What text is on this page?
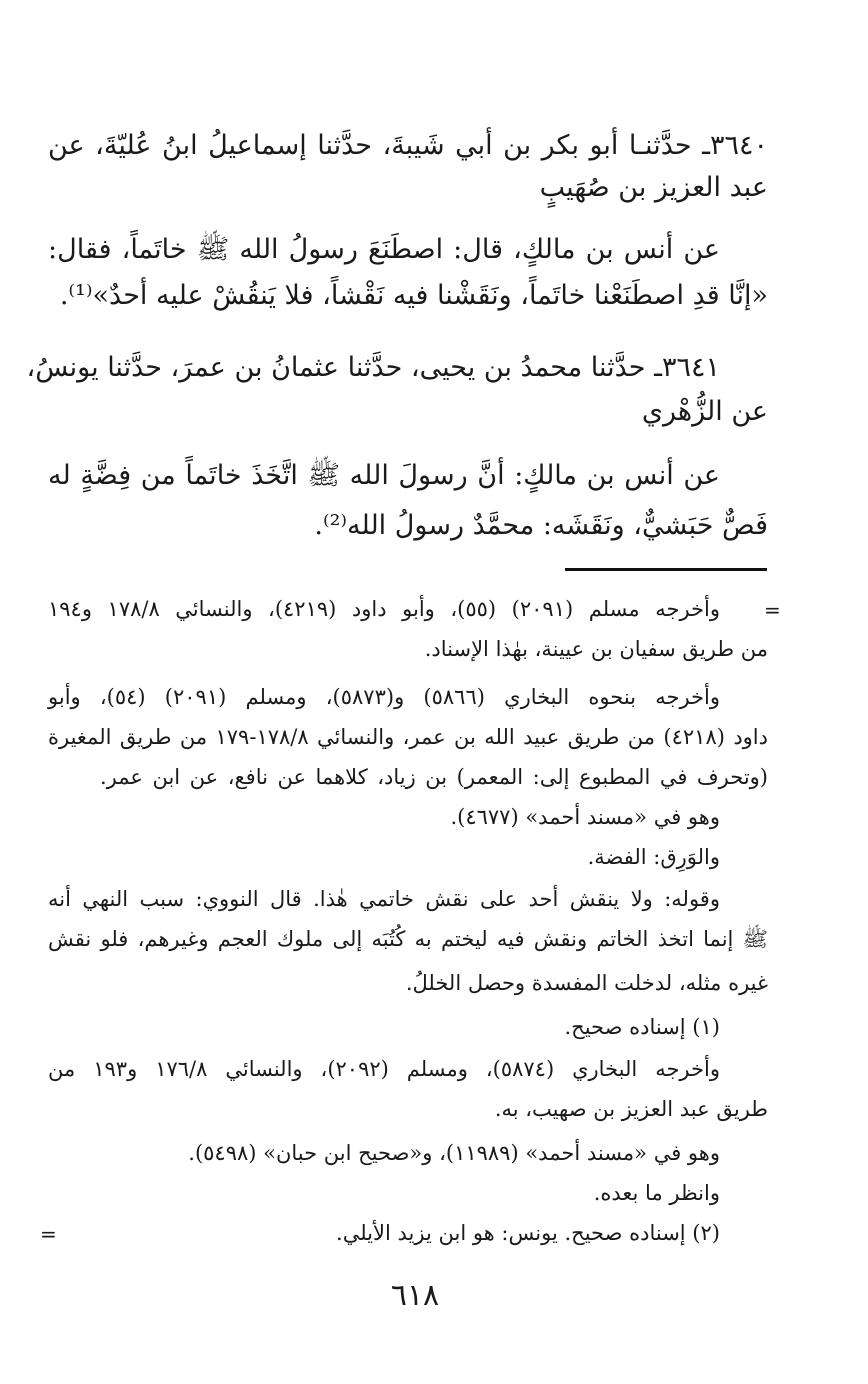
٣٦٤٠ـ حدَّثنـا أبو بكر بن أبي شَيبةَ، حدَّثنا إسماعيلُ ابنُ عُليّةَ، عن
عبد العزيز بن صُهَيبٍ
عن أنس بن مالكٍ، قال: اصطَنَعَ رسولُ الله ﷺ خاتَماً، فقال:
«إنَّا قدِ اصطَنَعْنا خاتَماً، ونَقَشْنا فيه نَقْشاً، فلا يَنقُشْ عليه أحدٌ»⁽¹⁾.
٣٦٤١ـ حدَّثنا محمدُ بن يحيى، حدَّثنا عثمانُ بن عمرَ، حدَّثنا يونسُ،
عن الزُّهْري
عن أنس بن مالكٍ: أنَّ رسولَ الله ﷺ اتَّخَذَ خاتَماً من فِضَّةٍ له
فَصٌّ حَبَشيٌّ، ونَقَشَه: محمَّدٌ رسولُ الله⁽²⁾.
وأخرجه مسلم (٢٠٩١) (٥٥)، وأبو داود (٤٢١٩)، والنسائي ١٧٨/٨ و١٩٤
من طريق سفيان بن عيينة، بهٰذا الإسناد.
وأخرجه بنحوه البخاري (٥٨٦٦) و(٥٨٧٣)، ومسلم (٢٠٩١) (٥٤)، وأبو
داود (٤٢١٨) من طريق عبيد الله بن عمر، والنسائي ١٧٨/٨-١٧٩ من طريق المغيرة
(وتحرف في المطبوع إلى: المعمر) بن زياد، كلاهما عن نافع، عن ابن عمر.
وهو في «مسند أحمد» (٤٦٧٧).
والوَرِق: الفضة.
وقوله: ولا ينقش أحد على نقش خاتمي هٰذا. قال النووي: سبب النهي أنه
ﷺ إنما اتخذ الخاتم ونقش فيه ليختم به كُتُبَه إلى ملوك العجم وغيرهم، فلو نقش
غيره مثله، لدخلت المفسدة وحصل الخللُ.
(١) إسناده صحيح.
وأخرجه البخاري (٥٨٧٤)، ومسلم (٢٠٩٢)، والنسائي ١٧٦/٨ و١٩٣ من
طريق عبد العزيز بن صهيب، به.
وهو في «مسند أحمد» (١١٩٨٩)، و«صحيح ابن حبان» (٥٤٩٨).
وانظر ما بعده.
(٢) إسناده صحيح. يونس: هو ابن يزيد الأيلي.
=
=
٦١٨
